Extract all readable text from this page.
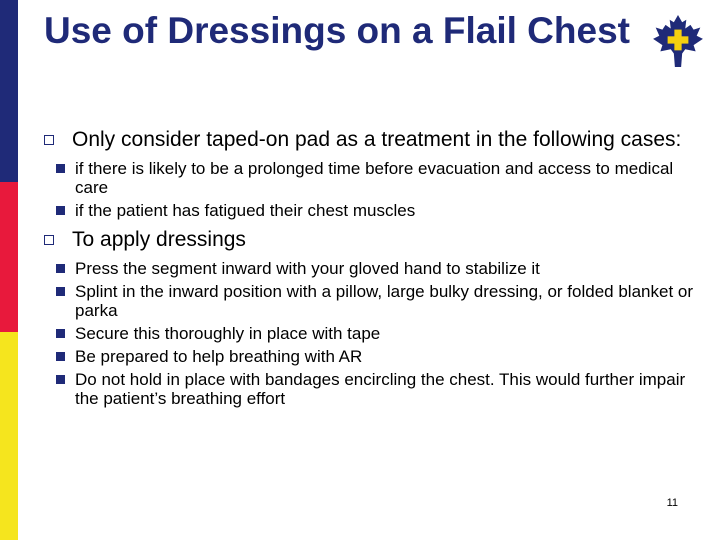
Use of Dressings on a Flail Chest
Only consider taped-on pad as a treatment in the following cases:
if there is likely to be a prolonged time before evacuation and access to medical care
if the patient has fatigued their chest muscles
To apply dressings
Press the segment inward with your gloved hand to stabilize it
Splint in the inward position with a pillow, large bulky dressing, or folded blanket or parka
Secure this thoroughly in place with tape
Be prepared to help breathing with AR
Do not hold in place with bandages encircling the chest. This would further impair the patient’s breathing effort
11
